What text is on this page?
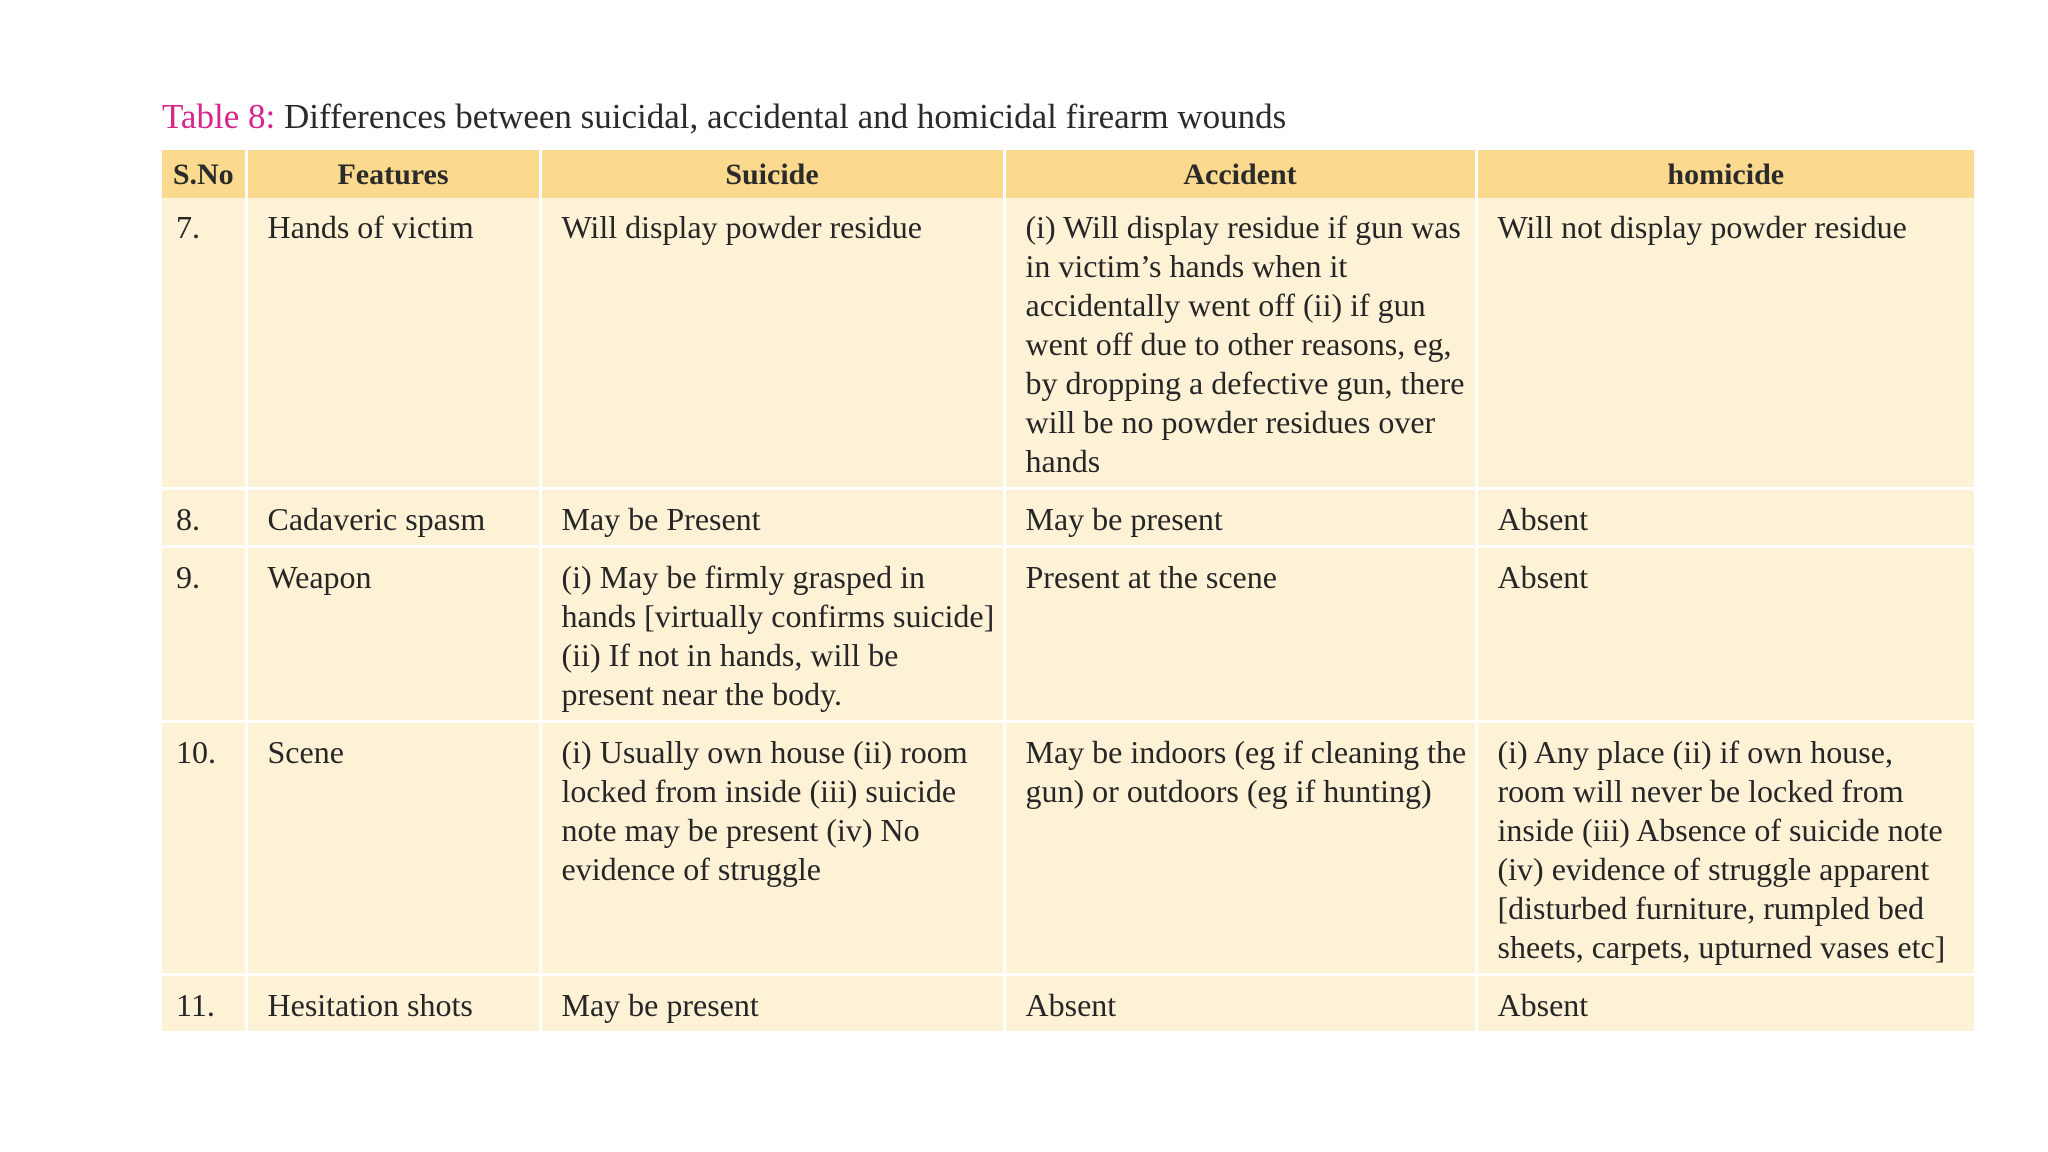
Table 8: Differences between suicidal, accidental and homicidal firearm wounds
S.No	Features	Suicide	Accident	homicide
7.	Hands of victim	Will display powder residue	(i) Will display residue if gun was in victim’s hands when it accidentally went off (ii) if gun went off due to other reasons, eg, by dropping a defective gun, there will be no powder residues over hands	Will not display powder residue
8.	Cadaveric spasm	May be Present	May be present	Absent
9.	Weapon	(i) May be firmly grasped in hands [virtually confirms suicide] (ii) If not in hands, will be present near the body.	Present at the scene	Absent
10.	Scene	(i) Usually own house (ii) room locked from inside (iii) suicide note may be present (iv) No evidence of struggle	May be indoors (eg if cleaning the gun) or outdoors (eg if hunting)	(i) Any place (ii) if own house, room will never be locked from inside (iii) Absence of suicide note (iv) evidence of struggle apparent [disturbed furniture, rumpled bed sheets, carpets, upturned vases etc]
11.	Hesitation shots	May be present	Absent	Absent
